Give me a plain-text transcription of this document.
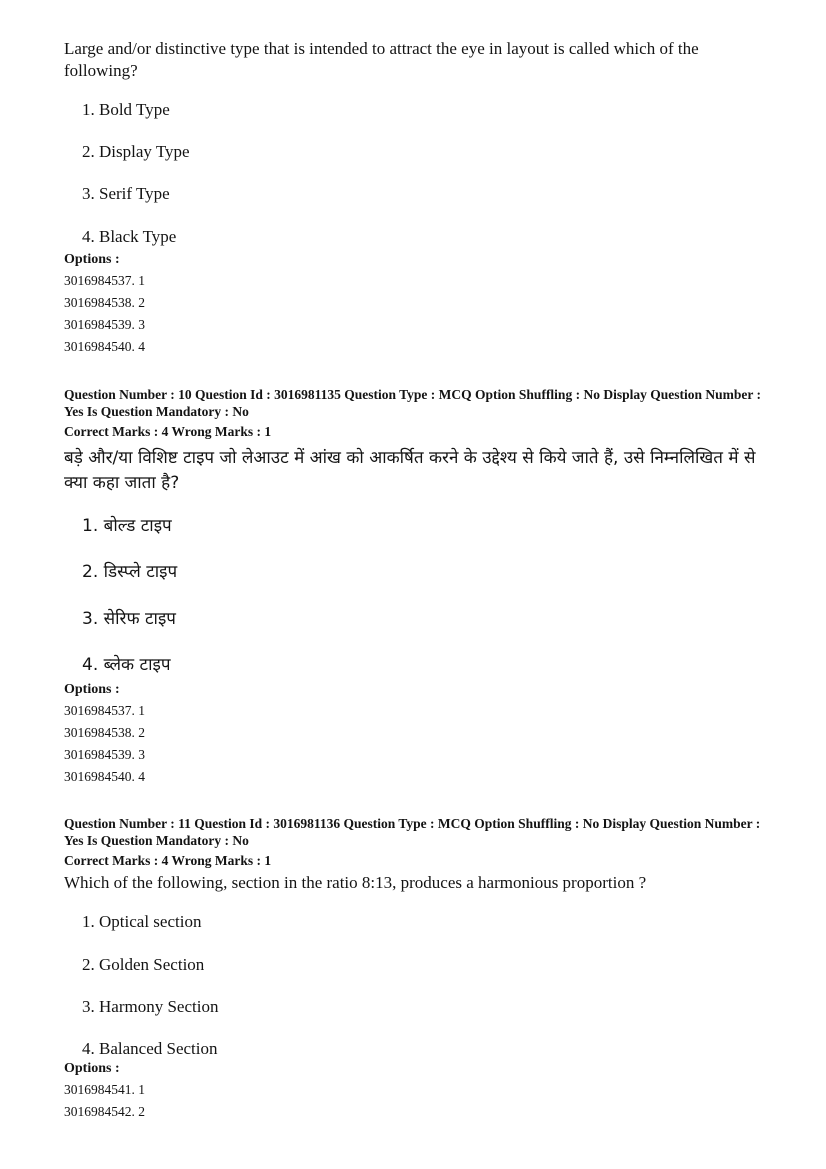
Large and/or distinctive type that is intended to attract the eye in layout is called which of the following?
1. Bold Type
2. Display Type
3. Serif Type
4. Black Type
Options :
3016984537. 1
3016984538. 2
3016984539. 3
3016984540. 4
Question Number : 10 Question Id : 3016981135 Question Type : MCQ Option Shuffling : No Display Question Number : Yes Is Question Mandatory : No
Correct Marks : 4 Wrong Marks : 1
बड़े और/या विशिष्ट टाइप जो लेआउट में आंख को आकर्षित करने के उद्देश्य से किये जाते हैं, उसे निम्नलिखित में से क्या कहा जाता है?
1. बोल्ड टाइप
2. डिस्प्ले टाइप
3. सेरिफ टाइप
4. ब्लेक टाइप
Options :
3016984537. 1
3016984538. 2
3016984539. 3
3016984540. 4
Question Number : 11 Question Id : 3016981136 Question Type : MCQ Option Shuffling : No Display Question Number : Yes Is Question Mandatory : No
Correct Marks : 4 Wrong Marks : 1
Which of the following, section in the ratio 8:13, produces a harmonious proportion ?
1. Optical section
2. Golden Section
3. Harmony Section
4. Balanced Section
Options :
3016984541. 1
3016984542. 2
